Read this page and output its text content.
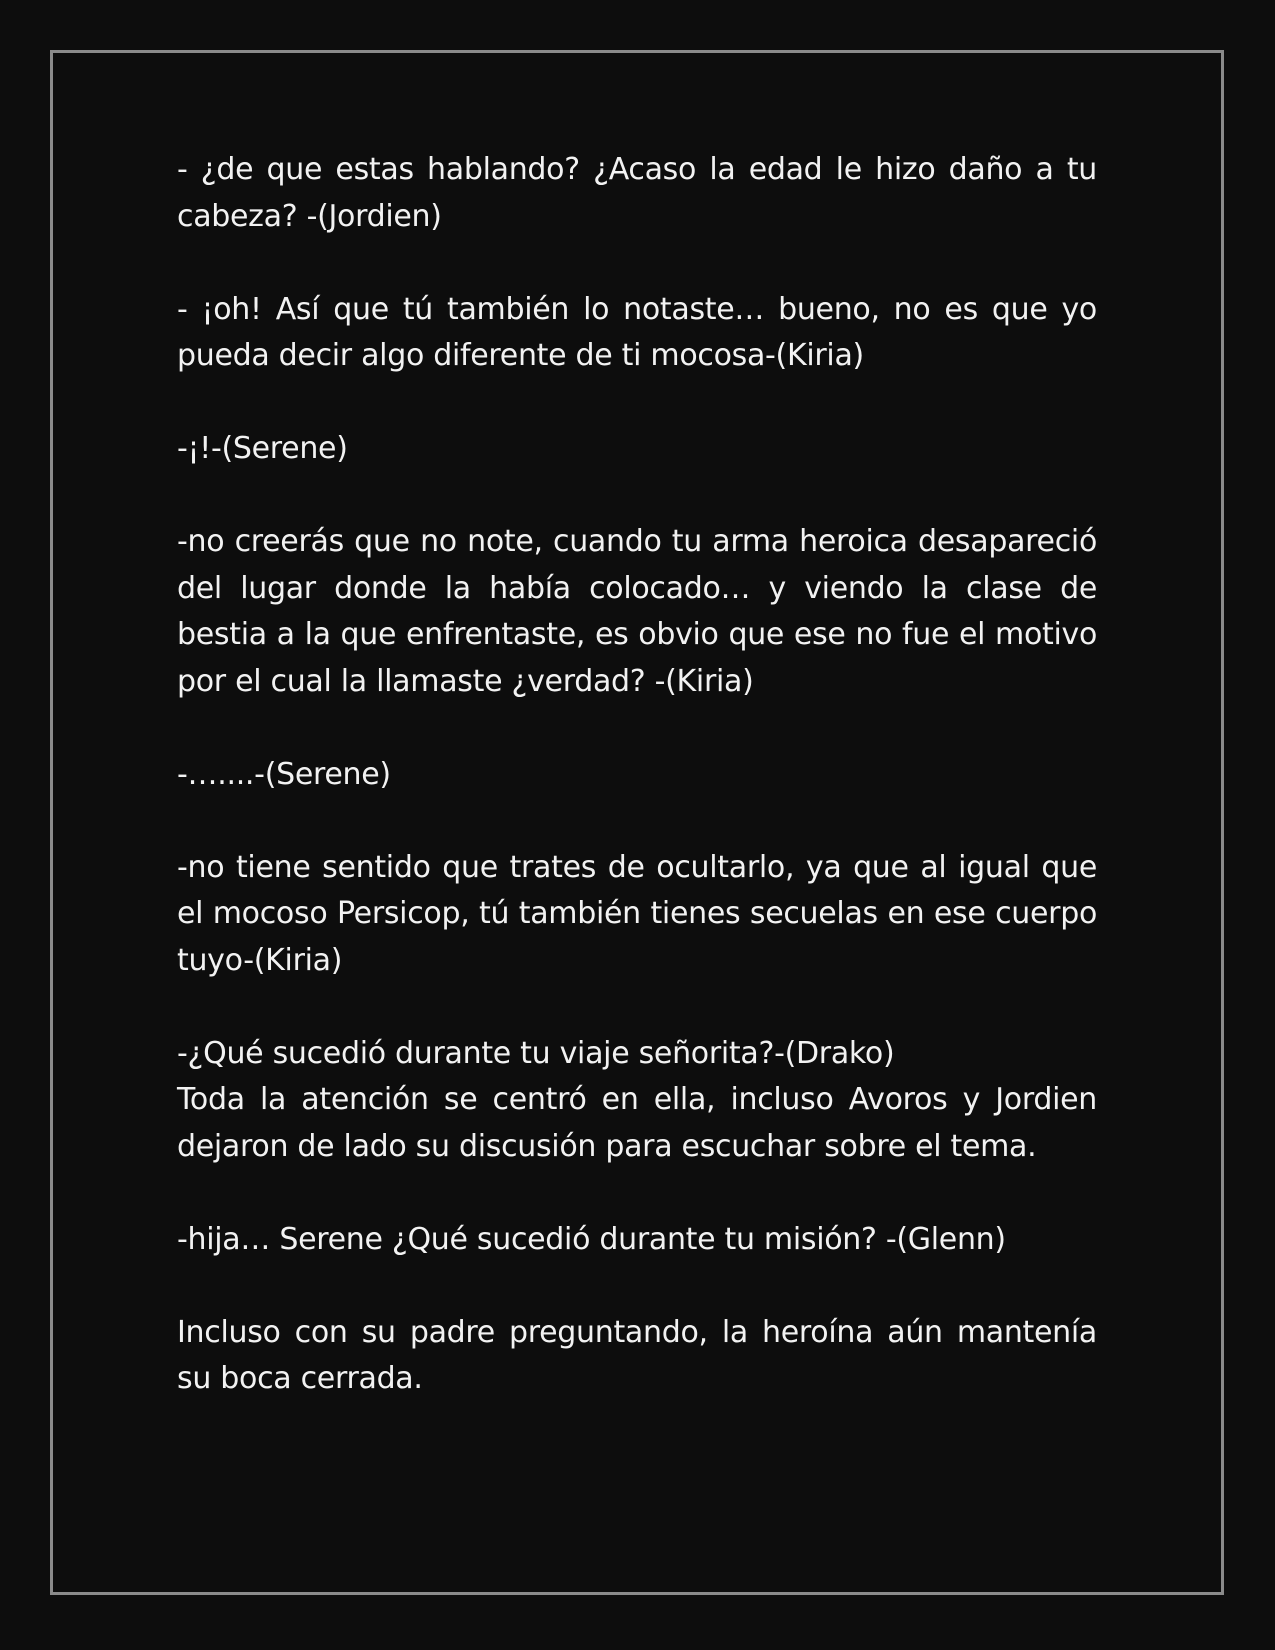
- ¿de que estas hablando? ¿Acaso la edad le hizo daño a tu cabeza? -(Jordien)

- ¡oh! Así que tú también lo notaste… bueno, no es que yo pueda decir algo diferente de ti mocosa-(Kiria)

-¡!-(Serene)

-no creerás que no note, cuando tu arma heroica desapareció del lugar donde la había colocado… y viendo la clase de bestia a la que enfrentaste, es obvio que ese no fue el motivo por el cual la llamaste ¿verdad? -(Kiria)

-…....-(Serene)

-no tiene sentido que trates de ocultarlo, ya que al igual que el mocoso Persicop, tú también tienes secuelas en ese cuerpo tuyo-(Kiria)

-¿Qué sucedió durante tu viaje señorita?-(Drako)

Toda la atención se centró en ella, incluso Avoros y Jordien dejaron de lado su discusión para escuchar sobre el tema.

-hija… Serene ¿Qué sucedió durante tu misión? -(Glenn)

Incluso con su padre preguntando, la heroína aún mantenía su boca cerrada.
